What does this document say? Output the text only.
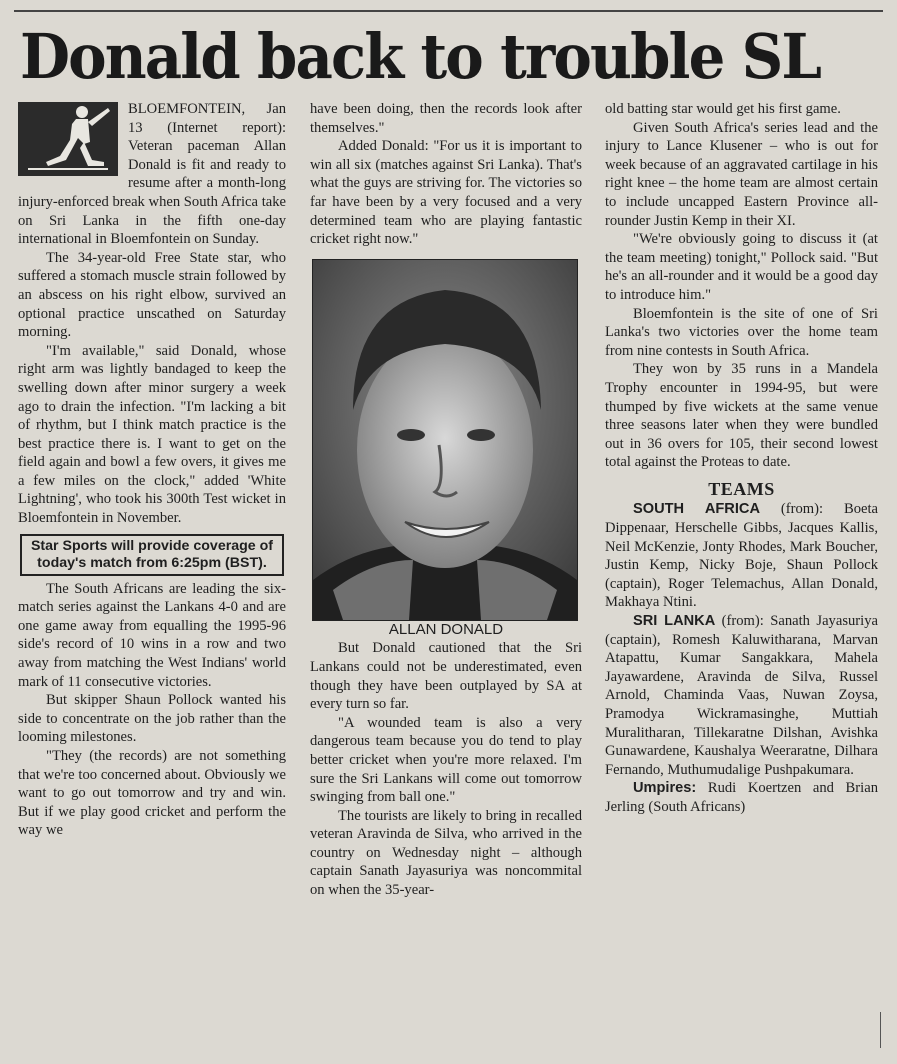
Donald back to trouble SL

BLOEMFONTEIN, Jan 13 (Internet report): Veteran paceman Allan Donald is fit and ready to resume after a month-long injury-enforced break when South Africa take on Sri Lanka in the fifth one-day international in Bloemfontein on Sunday.

The 34-year-old Free State star, who suffered a stomach muscle strain followed by an abscess on his right elbow, survived an optional practice unscathed on Saturday morning.

"I'm available," said Donald, whose right arm was lightly bandaged to keep the swelling down after minor surgery a week ago to drain the infection. "I'm lacking a bit of rhythm, but I think match practice is the best practice there is. I want to get on the field again and bowl a few overs, it gives me a few miles on the clock," added 'White Lightning', who took his 300th Test wicket in Bloemfontein in November.

Star Sports will provide coverage of today's match from 6:25pm (BST).

The South Africans are leading the six-match series against the Lankans 4-0 and are one game away from equalling the 1995-96 side's record of 10 wins in a row and two away from matching the West Indians' world mark of 11 consecutive victories.

But skipper Shaun Pollock wanted his side to concentrate on the job rather than the looming milestones.

"They (the records) are not something that we're too concerned about. Obviously we want to go out tomorrow and try and win. But if we play good cricket and perform the way we

have been doing, then the records look after themselves."

Added Donald: "For us it is important to win all six (matches against Sri Lanka). That's what the guys are striving for. The victories so far have been by a very focused and a very determined team who are playing fantastic cricket right now."

ALLAN DONALD

But Donald cautioned that the Sri Lankans could not be underestimated, even though they have been outplayed by SA at every turn so far.

"A wounded team is also a very dangerous team because you do tend to play better cricket when you're more relaxed. I'm sure the Sri Lankans will come out tomorrow swinging from ball one."

The tourists are likely to bring in recalled veteran Aravinda de Silva, who arrived in the country on Wednesday night – although captain Sanath Jayasuriya was noncommital on when the 35-year-

old batting star would get his first game.

Given South Africa's series lead and the injury to Lance Klusener – who is out for week because of an aggravated cartilage in his right knee – the home team are almost certain to include uncapped Eastern Province all-rounder Justin Kemp in their XI.

"We're obviously going to discuss it (at the team meeting) tonight," Pollock said. "But he's an all-rounder and it would be a good day to introduce him."

Bloemfontein is the site of one of Sri Lanka's two victories over the home team from nine contests in South Africa.

They won by 35 runs in a Mandela Trophy encounter in 1994-95, but were thumped by five wickets at the same venue three seasons later when they were bundled out in 36 overs for 105, their second lowest total against the Proteas to date.

TEAMS

SOUTH AFRICA (from): Boeta Dippenaar, Herschelle Gibbs, Jacques Kallis, Neil McKenzie, Jonty Rhodes, Mark Boucher, Justin Kemp, Nicky Boje, Shaun Pollock (captain), Roger Telemachus, Allan Donald, Makhaya Ntini.

SRI LANKA (from): Sanath Jayasuriya (captain), Romesh Kaluwitharana, Marvan Atapattu, Kumar Sangakkara, Mahela Jayawardene, Aravinda de Silva, Russel Arnold, Chaminda Vaas, Nuwan Zoysa, Pramodya Wickramasinghe, Muttiah Muralitharan, Tillekaratne Dilshan, Avishka Gunawardene, Kaushalya Weeraratne, Dilhara Fernando, Muthumudalige Pushpakumara.

Umpires: Rudi Koertzen and Brian Jerling (South Africans)
